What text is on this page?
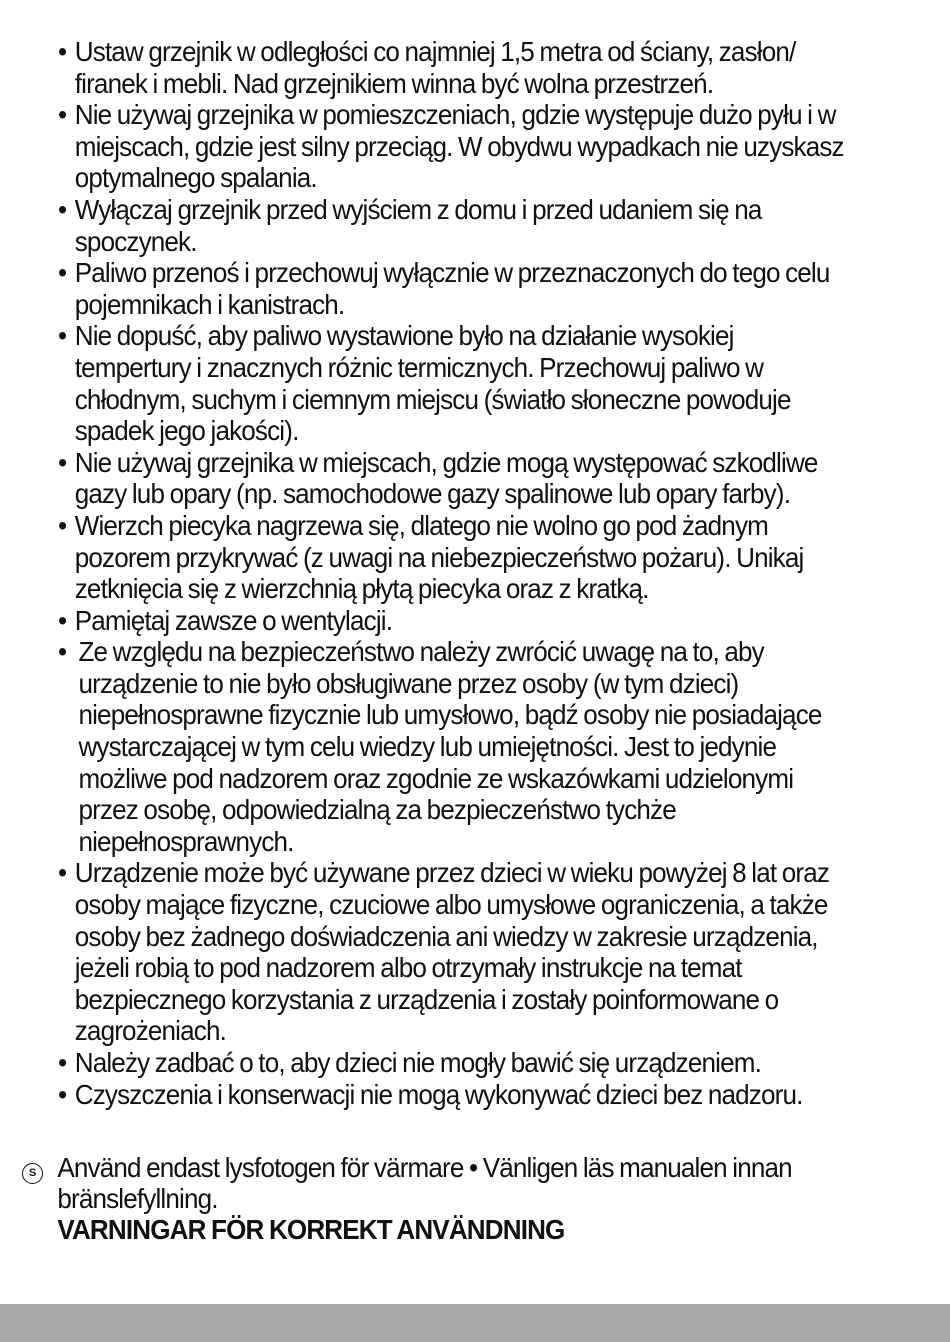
• Ustaw grzejnik w odległości co najmniej 1,5 metra od ściany, zasłon/ firanek i mebli. Nad grzejnikiem winna być wolna przestrzeń.
• Nie używaj grzejnika w pomieszczeniach, gdzie występuje dużo pyłu i w miejscach, gdzie jest silny przeciąg. W obydwu wypadkach nie uzyskasz optymalnego spalania.
• Wyłączaj grzejnik przed wyjściem z domu i przed udaniem się na spoczynek.
• Paliwo przenoś i przechowuj wyłącznie w przeznaczonych do tego celu pojemnikach i kanistrach.
• Nie dopuść, aby paliwo wystawione było na działanie wysokiej tempertury i znacznych różnic termicznych. Przechowuj paliwo w chłodnym, suchym i ciemnym miejscu (światło słoneczne powoduje spadek jego jakości).
• Nie używaj grzejnika w miejscach, gdzie mogą występować szkodliwe gazy lub opary (np. samochodowe gazy spalinowe lub opary farby).
• Wierzch piecyka nagrzewa się, dlatego nie wolno go pod żadnym pozorem przykrywać (z uwagi na niebezpieczeństwo pożaru). Unikaj zetknięcia się z wierzchnią płytą piecyka oraz z kratką.
• Pamiętaj zawsze o wentylacji.
• Ze względu na bezpieczeństwo należy zwrócić uwagę na to, aby urządzenie to nie było obsługiwane przez osoby (w tym dzieci) niepełnosprawne fizycznie lub umysłowo, bądź osoby nie posiadające wystarczającej w tym celu wiedzy lub umiejętności. Jest to jedynie możliwe pod nadzorem oraz zgodnie ze wskazówkami udzielonymi przez osobę, odpowiedzialną za bezpieczeństwo tychże niepełnosprawnych.
• Urządzenie może być używane przez dzieci w wieku powyżej 8 lat oraz osoby mające fizyczne, czuciowe albo umysłowe ograniczenia, a także osoby bez żadnego doświadczenia ani wiedzy w zakresie urządzenia, jeżeli robią to pod nadzorem albo otrzymały instrukcje na temat bezpiecznego korzystania z urządzenia i zostały poinformowane o zagrożeniach.
• Należy zadbać o to, aby dzieci nie mogły bawić się urządzeniem.
• Czyszczenia i konserwacji nie mogą wykonywać dzieci bez nadzoru.
S Använd endast lysfotogen för värmare • Vänligen läs manualen innan bränslefyllning.
VARNINGAR FÖR KORREKT ANVÄNDNING
